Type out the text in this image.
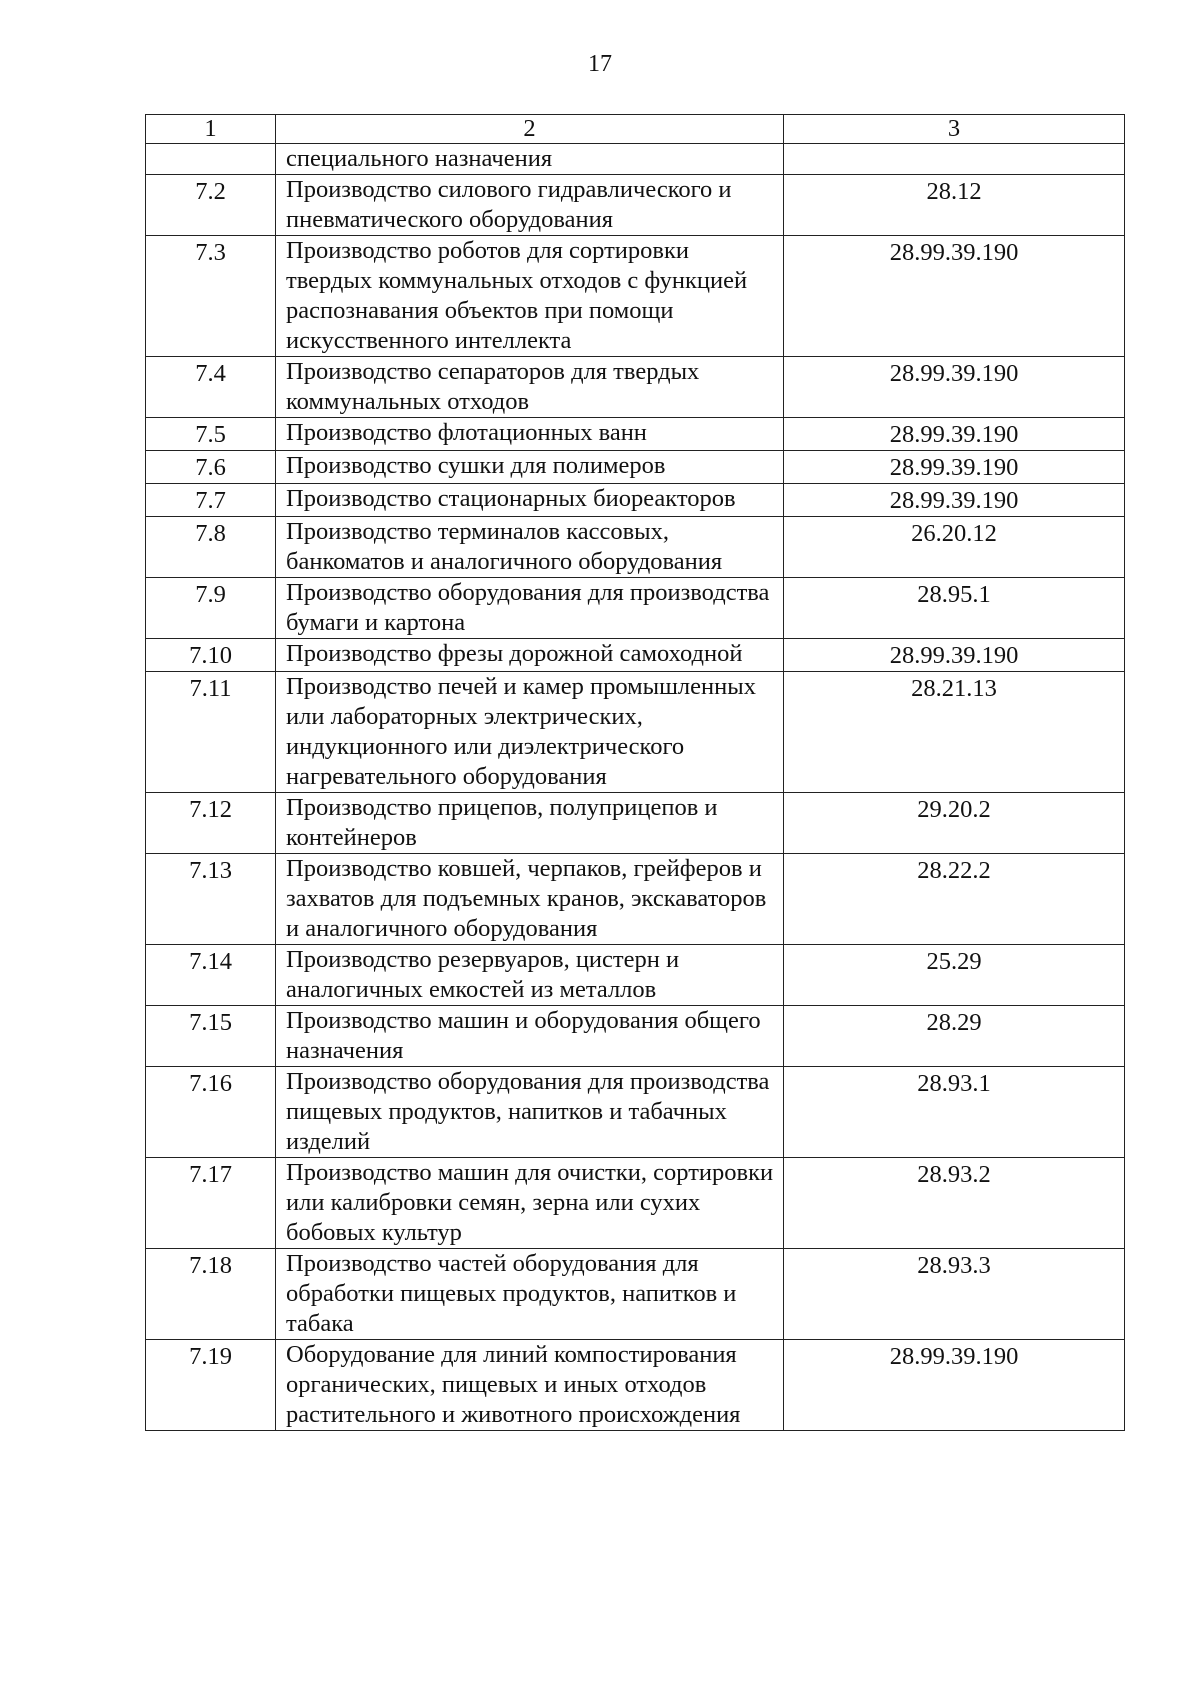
17
1	2	3
	специального назначения	
7.2	Производство силового гидравлического и пневматического оборудования	28.12
7.3	Производство роботов для сортировки твердых коммунальных отходов с функцией распознавания объектов при помощи искусственного интеллекта	28.99.39.190
7.4	Производство сепараторов для твердых коммунальных отходов	28.99.39.190
7.5	Производство флотационных ванн	28.99.39.190
7.6	Производство сушки для полимеров	28.99.39.190
7.7	Производство стационарных биореакторов	28.99.39.190
7.8	Производство терминалов кассовых, банкоматов и аналогичного оборудования	26.20.12
7.9	Производство оборудования для производства бумаги и картона	28.95.1
7.10	Производство фрезы дорожной самоходной	28.99.39.190
7.11	Производство печей и камер промышленных или лабораторных электрических, индукционного или диэлектрического нагревательного оборудования	28.21.13
7.12	Производство прицепов, полуприцепов и контейнеров	29.20.2
7.13	Производство ковшей, черпаков, грейферов и захватов для подъемных кранов, экскаваторов и аналогичного оборудования	28.22.2
7.14	Производство резервуаров, цистерн и аналогичных емкостей из металлов	25.29
7.15	Производство машин и оборудования общего назначения	28.29
7.16	Производство оборудования для производства пищевых продуктов, напитков и табачных изделий	28.93.1
7.17	Производство машин для очистки, сортировки или калибровки семян, зерна или сухих бобовых культур	28.93.2
7.18	Производство частей оборудования для обработки пищевых продуктов, напитков и табака	28.93.3
7.19	Оборудование для линий компостирования органических, пищевых и иных отходов растительного и животного происхождения	28.99.39.190
